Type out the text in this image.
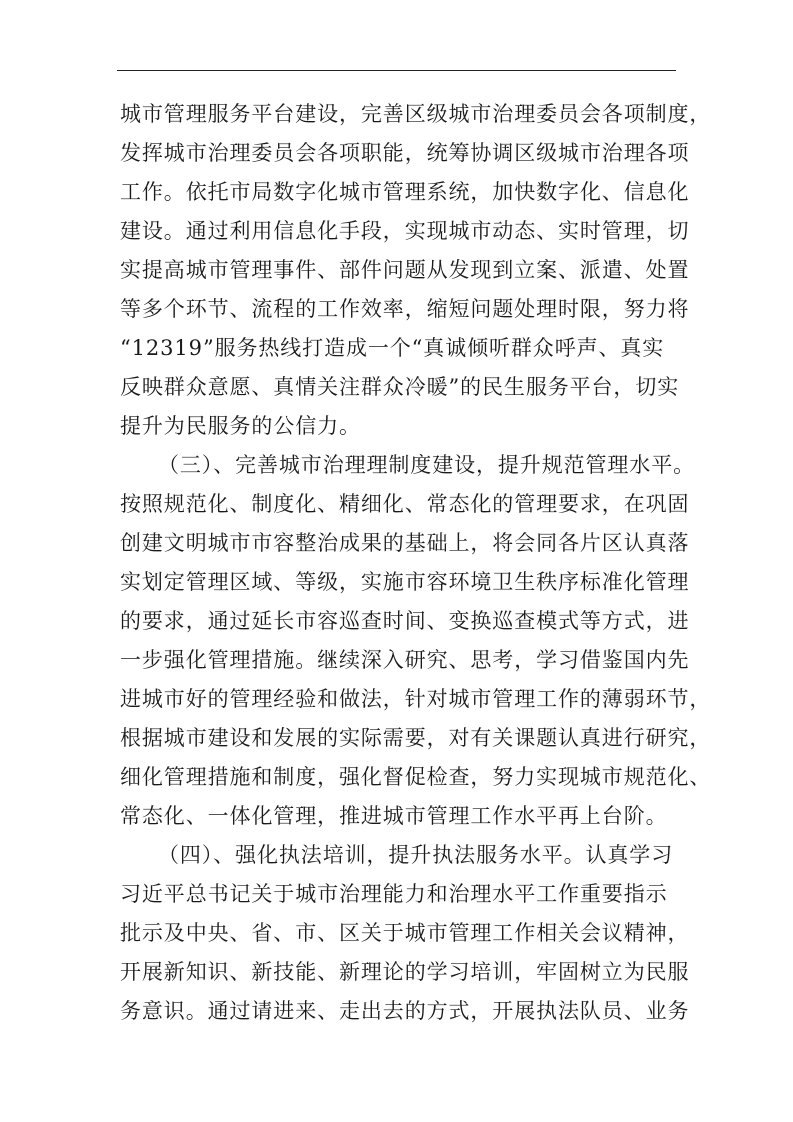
城市管理服务平台建设，完善区级城市治理委员会各项制度，
发挥城市治理委员会各项职能，统筹协调区级城市治理各项
工作。依托市局数字化城市管理系统，加快数字化、信息化
建设。通过利用信息化手段，实现城市动态、实时管理，切
实提高城市管理事件、部件问题从发现到立案、派遣、处置
等多个环节、流程的工作效率，缩短问题处理时限，努力将
“12319”服务热线打造成一个“真诚倾听群众呼声、真实
反映群众意愿、真情关注群众冷暖”的民生服务平台，切实
提升为民服务的公信力。
（三）、完善城市治理理制度建设，提升规范管理水平。
按照规范化、制度化、精细化、常态化的管理要求，在巩固
创建文明城市市容整治成果的基础上，将会同各片区认真落
实划定管理区域、等级，实施市容环境卫生秩序标准化管理
的要求，通过延长市容巡查时间、变换巡查模式等方式，进
一步强化管理措施。继续深入研究、思考，学习借鉴国内先
进城市好的管理经验和做法，针对城市管理工作的薄弱环节，
根据城市建设和发展的实际需要，对有关课题认真进行研究，
细化管理措施和制度，强化督促检查，努力实现城市规范化、
常态化、一体化管理，推进城市管理工作水平再上台阶。
（四）、强化执法培训，提升执法服务水平。认真学习
习近平总书记关于城市治理能力和治理水平工作重要指示
批示及中央、省、市、区关于城市管理工作相关会议精神，
开展新知识、新技能、新理论的学习培训，牢固树立为民服
务意识。通过请进来、走出去的方式，开展执法队员、业务
